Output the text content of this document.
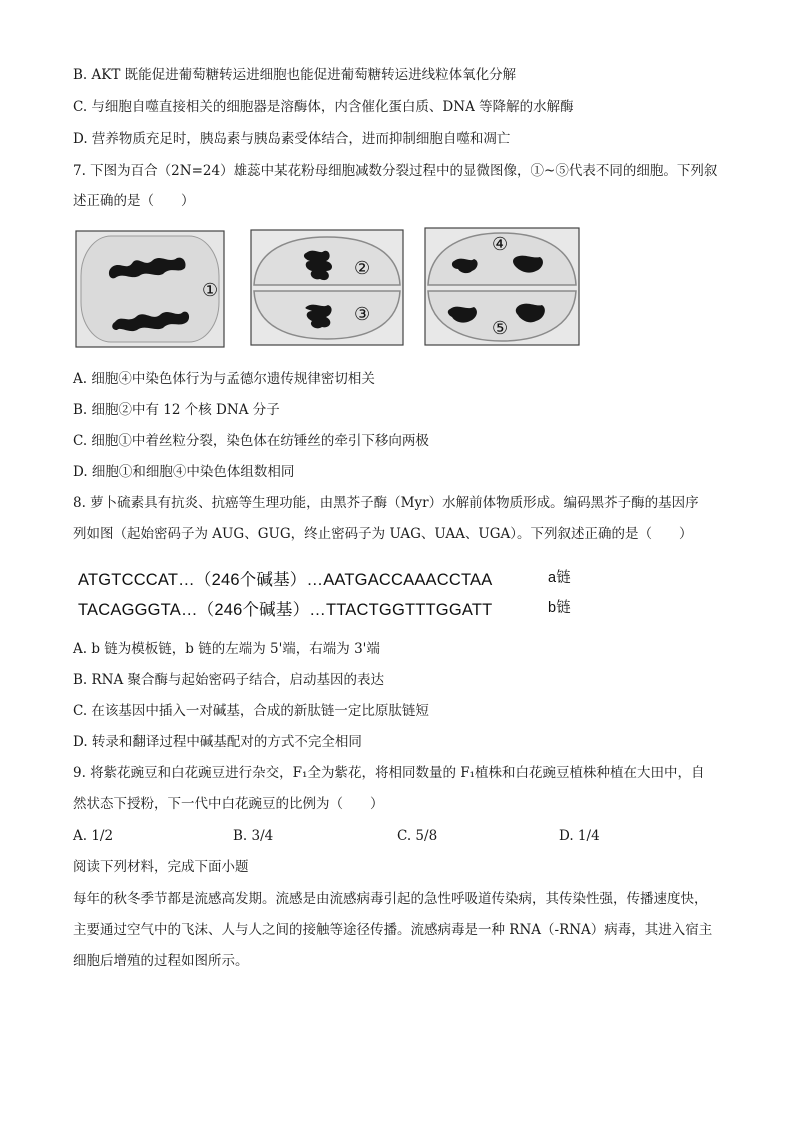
B. AKT 既能促进葡萄糖转运进细胞也能促进葡萄糖转运进线粒体氧化分解
C. 与细胞自噬直接相关的细胞器是溶酶体，内含催化蛋白质、DNA 等降解的水解酶
D. 营养物质充足时，胰岛素与胰岛素受体结合，进而抑制细胞自噬和凋亡
7. 下图为百合（2N=24）雄蕊中某花粉母细胞减数分裂过程中的显微图像，①~⑤代表不同的细胞。下列叙
述正确的是（　　）
①
②
③
④
⑤
A. 细胞④中染色体行为与孟德尔遗传规律密切相关
B. 细胞②中有 12 个核 DNA 分子
C. 细胞①中着丝粒分裂，染色体在纺锤丝的牵引下移向两极
D. 细胞①和细胞④中染色体组数相同
8. 萝卜硫素具有抗炎、抗癌等生理功能，由黑芥子酶（Myr）水解前体物质形成。编码黑芥子酶的基因序
列如图（起始密码子为 AUG、GUG，终止密码子为 UAG、UAA、UGA）。下列叙述正确的是（　　）
ATGTCCCAT…（246个碱基）…AATGACCAAACCTAA	a链
TACAGGGTA…（246个碱基）…TTACTGGTTTGGATT	b链
A. b 链为模板链，b 链的左端为 5'端，右端为 3'端
B. RNA 聚合酶与起始密码子结合，启动基因的表达
C. 在该基因中插入一对碱基，合成的新肽链一定比原肽链短
D. 转录和翻译过程中碱基配对的方式不完全相同
9. 将紫花豌豆和白花豌豆进行杂交，F₁全为紫花，将相同数量的 F₁植株和白花豌豆植株种植在大田中，自
然状态下授粉，下一代中白花豌豆的比例为（　　）
A. 1/2	B. 3/4	C. 5/8	D. 1/4
阅读下列材料，完成下面小题
每年的秋冬季节都是流感高发期。流感是由流感病毒引起的急性呼吸道传染病，其传染性强，传播速度快，
主要通过空气中的飞沫、人与人之间的接触等途径传播。流感病毒是一种 RNA（-RNA）病毒，其进入宿主
细胞后增殖的过程如图所示。
